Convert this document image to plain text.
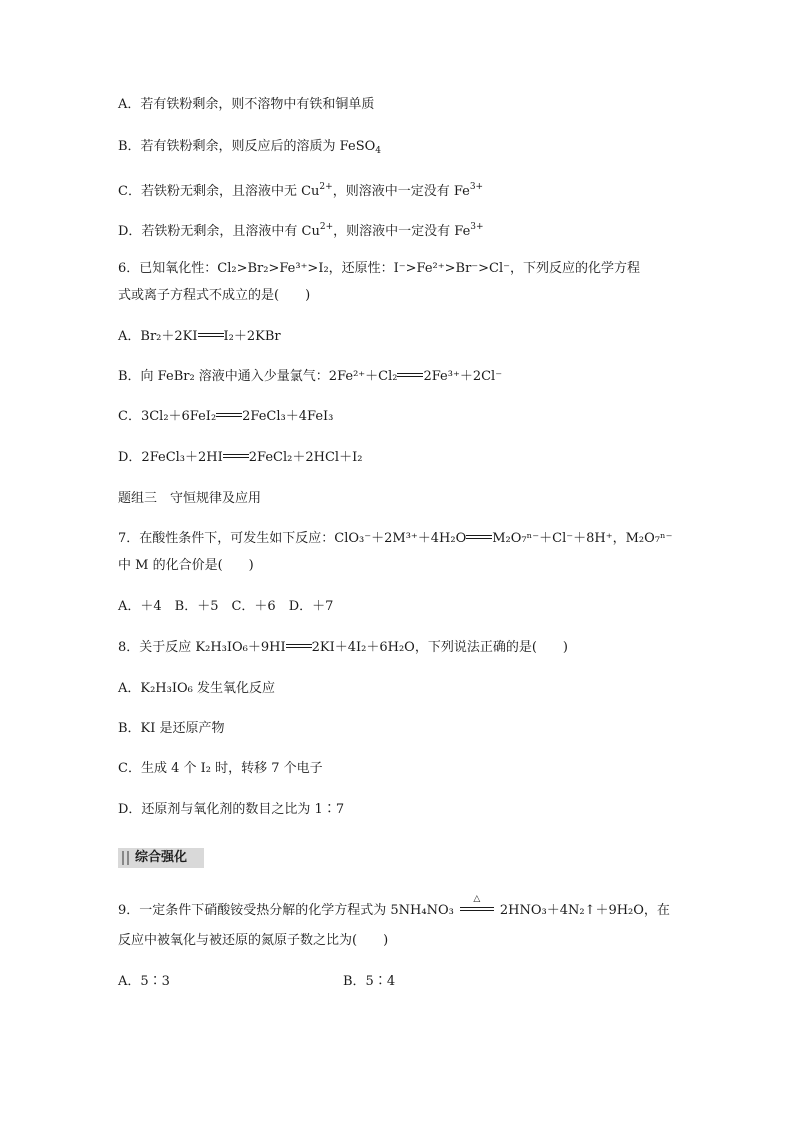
A．若有铁粉剩余，则不溶物中有铁和铜单质
B．若有铁粉剩余，则反应后的溶质为 FeSO$_4$
C．若铁粉无剩余，且溶液中无 $Cu^{2+}$，则溶液中一定没有 $Fe^{3+}$
D．若铁粉无剩余，且溶液中有 $Cu^{2+}$，则溶液中一定没有 $Fe^{3+}$
6．已知氧化性：Cl₂>Br₂>Fe³⁺>I₂，还原性：I⁻>Fe²⁺>Br⁻>Cl⁻，下列反应的化学方程
式或离子方程式不成立的是(　　)
A．Br₂＋2KI I₂＋2KBr
B．向 FeBr₂ 溶液中通入少量氯气：2Fe²⁺＋Cl₂ 2Fe³⁺＋2Cl⁻
C．3Cl₂＋6FeI₂ 2FeCl₃＋4FeI₃
D．2FeCl₃＋2HI 2FeCl₂＋2HCl＋I₂
题组三　守恒规律及应用
7．在酸性条件下，可发生如下反应：ClO₃⁻＋2M³⁺＋4H₂O M₂O₇ⁿ⁻＋Cl⁻＋8H⁺，M₂O₇ⁿ⁻
中 M 的化合价是(　　)
A．＋4　B．＋5　C．＋6　D．＋7
8．关于反应 K₂H₃IO₆＋9HI 2KI＋4I₂＋6H₂O，下列说法正确的是(　　)
A．K₂H₃IO₆ 发生氧化反应
B．KI 是还原产物
C．生成 4 个 I₂ 时，转移 7 个电子
D．还原剂与氧化剂的数目之比为 1∶7
综合强化
9．一定条件下硝酸铵受热分解的化学方程式为 5NH₄NO₃
△
2HNO₃＋4N₂↑＋9H₂O，在
反应中被氧化与被还原的氮原子数之比为(　　)
A．5∶3	B．5∶4
